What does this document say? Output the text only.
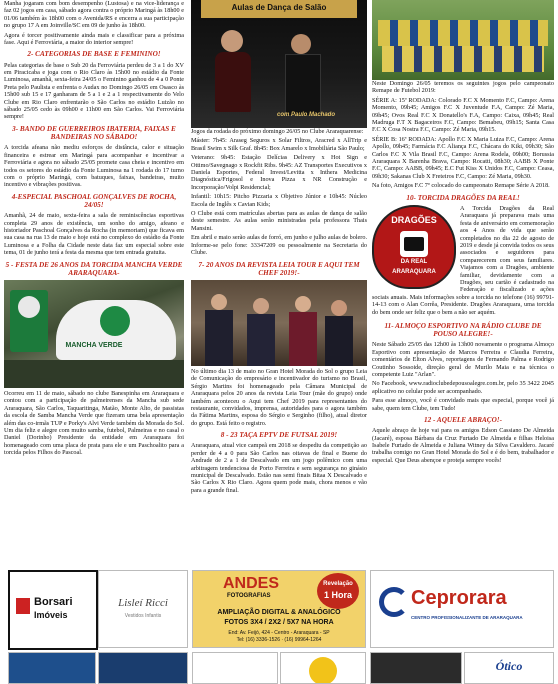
Manha jogaram com bom desempenho (Lustosa) e na vice-liderança e faz 02 jogos em casa, sábado agora contra o próprio Maringá às 18h00 e 01/06 também às 18h00 com o Avenida/RS e encerra a sua participação no grupo 17 A em Joinville/SC em 09 de junho às 18h00.

Agora é torcer positivamente ainda mais e classificar para a próxima fase. Aqui é Ferroviária, a maior do interior sempre!

2- CATEGORIAS DE BASE E FEMININO!

Pelas categorias de base o Sub 20 da Ferroviária perdeu de 3 a 1 do XV em Piracicaba e joga com o Rio Claro às 15h00 no estádio da Fonte Luminosa, amanhã, sexta-feira 24/05 o Feminino ganhou de 4 a 0 Ponte Preta pelo Paulista e enfrenta o Audax no Domingo 26/05 em Osasco às 15h00 sub 15 e 17 ganharam de 5 a 1 e 2 a 1 respectivamente do Velo Clube em Rio Claro enfrentarão o São Carlos no estádio Luizão no sábado 25/05 cedo às 09h00 e 11h00 em São Carlos. Vai Ferroviária sempre!

3- BANDO DE GUERREIROS IBATERIA, FAIXAS E BANDEIRAS NO SÁBADO!

A torcida afeana não mediu esforços de distância, calor e situação financeira e estrear em Maringá para acompanhar e incentivar a Ferroviária e agora no sábado 25/05 promete casa cheia e incentivo em todos os setores do estádio da Fonte Luminosa na 1 rodada do 17 turno com o próprio Maringá, com batuques, faixas, bandeiras, muito incentivo e vibrações positivas.

4-ESPECIAL PASCHOAL GONÇALVES DE ROCHA, 24/05!

Amanhã, 24 de maio, sexta-feira a sala de reminiscências esportivas completa 29 anos de existência, um sonho do amigo, afeano e historiador Paschoal Gonçalves da Rocha (in memoriam) que ficava em sua casa na rua 13 de maio e hoje está no complexo do estádio da Fonte Luminosa e a Folha da Cidade neste data faz um especial sobre este tema, 01 de junho terá a festa da mesma que tem entrada gratuita.

5 - FESTA DE 26 ANOS DA TORCIDA MANCHA VERDE ARARAQUARA-
MANCHA VERDE

Ocorreu em 11 de maio, sábado no clube Banespinha em Araraquara e contou com a participação de palmeirenses da Mancha sub sede Araraquara, São Carlos, Taquaritinga, Matão, Monte Alto, de passistas da escola de Samba Mancha Verde que fizeram uma bela apresentação além das co-irmãs TUP e Porky's Alvi Verde também da Morada do Sol. Um dia feliz e alegre com muito samba, futebol, Palmeiras e no casal o Daniel (Dorinho) Presidente da entidade em Araraquara foi homenageado com uma placa de prata para ele e um Paschoalito para a torcida pelos Filhos do Pascoal.

Aulas de Dança de Salão
com Paulo Machado

Jogos da rodada do próximo domingo 26/05 no Clube Araraquarense:

Máster: 7h45: Araseg Seguros x Solar Filtros, Aracred x AllTrip e Brasil Swim x Silk Graf. 8h45: Box Amarelo x Imobiliária São Paulo;

Veterano: 9h45: Estação Delícias Delivery x Hot Sign e Ottimo/Savegnago x Rockfit Ribs. 9h45: AZ Transportes Executivos x Daniela Esportes, Federal Invest/Levitta x Inthera Medicina Diagnóstica/Frigosol e Inova Pizza x NR Construção e Incorporação/Volpi Residencial;

Infantil: 10h15: Pitcho Pizzaria x Objetivo Júnior e 10h45: Núcleo Escola de Inglês x Cavian Kids;

O Clube está com matrículas abertas para as aulas de dança de salão deste semestre. As aulas serão ministradas pela professora Thais Mansini.

Em abril e maio serão aulas de forró, em junho e julho aulas de bolero. Informe-se pelo fone: 33347209 ou pessoalmente na Secretaria do Clube.

7- 20 ANOS DA REVISTA LEIA TOUR E AQUI TEM CHEF 2019!-

No último dia 13 de maio no Gran Hotel Morada do Sol o grupo Leia de Comunicação do empresário e incentivador do turismo no Brasil, Sérgio Martins foi homenageado pela Câmara Municipal de Araraquara pelos 20 anos da revista Leia Tour (mãe do grupo) onde também aconteceu o Aqui tem Chef 2019 para representantes do restaurante, convidados, imprensa, autoridades para o agora também da Fátima Martins, esposa do Sérgio e Serginho (filho), atual diretor do grupo. Está feito o registro.

8 - 23 TAÇA EPTV DE FUTSAL 2019!

Araraquara, atual vice campeã em 2018 se despediu da competição ao perder de 4 a 0 para São Carlos nas oitavas de final e Buene do Andrade de 2 a 1 de Descalvado em um jogo polêmico com uma arbitragem tendenciosa de Porto Ferreira e sem segurança no ginásio municipal de Descalvado. Estão nas semi finais Bitaa X Descalvado e São Carlos X Rio Claro. Agora quem pode mais, chora menos e vão para a grande final.

Neste Domingo 26/05 teremos os seguintes jogos pelo campeonato Remape de Futebol 2019:

SÉRIE A: 15ª RODADA: Colorado F.C X Momento F.C, Campo: Arena Momento, 09h45; Amigos F.C X Juventude F.A, Campo: Zé Maria, 09h45; Ovos Real F.C X Donatello's F.A, Campo: Caixa, 09h45; Real Madruga F.T X Bagaceiros F.C, Campo: Bemabeu, 09h15; Santa Casa F.C X Cosa Nostra F.C, Campo: Zé Maria, 09h15.

SÉRIE B: 16ª RODADA: Apollo F.C X Maria Luiza F.C, Campo: Arena Apollo, 09h45; Farmácia F.C Aliança F.C, Chácara do Kiki, 09h30; São Carlos F.C X Vila Brasil F.C, Campo: Arena Rodela, 09h00; Borussia Araraquara X Barenha Brava, Campo: Rocatti, 08h30; AABB X Ponte F.C, Campo: AABB, 09h45; E.C Fut Kiss X Unidos F.C, Campo: Ceasa, 09h30; Sakanas Club X Freteiros F.C, Campo: Zé Maria, 09h30.

Na foto, Amigos F.C 7º colocado do campeonato Remape Série A 2018.

10- TORCIDA DRAGÕES DA REAL!
DRAGÕES
DA REAL
ARARAQUARA

A Torcida Dragões da Real Araraquara já preparava mais uma festa de aniversário em comemoração aos 4 Anos de vida que serão completados no dia 22 de agosto de 2019 e desde já convida todos os seus associados e seguidores para comparecerem com seus familiares. Viajamos com a Dragões, ambiente familiar, devidamente com a Dragões, seu cartão é cadastrado na Federação e fiscalizado e ações sociais anuais. Mais informações sobre a torcida no telefone (16) 99791-14-13 com o Alan Corrêa, Presidente. Dragões Araraquara, uma torcida do bem onde ser feliz que o bem a não ser aquém.

11- ALMOÇO ESPORTIVO NA RÁDIO CLUBE DE POUSO ALEGRE!-

Neste Sábado 25/05 das 12h00 às 13h00 novamente o programa Almoço Esportivo com apresentação de Marcos Ferreira e Claudia Ferreira, comentários de Elton Alves, reportagens de Fernando Palma e Rodrigo Coutinho Sossoide, direção geral de Murilo Maia e na técnica o competente Luiz "Arlan".

No Facebook, www.radioclubedepousoalegre.com.br, pelo 35 3422 2045 aplicativo no celular pode ser acompanhado.

Para esse almoço, você é convidado mais que especial, porque você já sabe, quem tem Clube, tem Tudo!

12 - AQUELE ABRAÇO!-

Aquele abraço de hoje vai para os amigos Edson Cassiano De Almeida (Jacaré), esposa Bárbara da Cruz Furtado De Almeida e filhas Heloisa Isabele Furtado de Almeida e Juliana Witney da Silva Cavaldero. Jacaré trabalha comigo no Gran Hotel Morada do Sol e é do bem, trabalhador e especial. Que Deus abençoe e proteja sempre vocês!

Borsari
Imóveis
Lisleí Ricci
Vestidos Infantis
ANDES
FOTOGRAFIAS
Revelação
1 Hora
AMPLIAÇÃO DIGITAL & ANALÓGICO
FOTOS 3X4 / 2X2 / 5X7 NA HORA
End: Av. Feijó, 424 - Centro - Araraquara - SP
Tel: (16) 3336-1526 · (16) 99964-1264
Ceprorara
CENTRO PROFISSIONALIZANTE DE ARARAQUARA
Ótico
